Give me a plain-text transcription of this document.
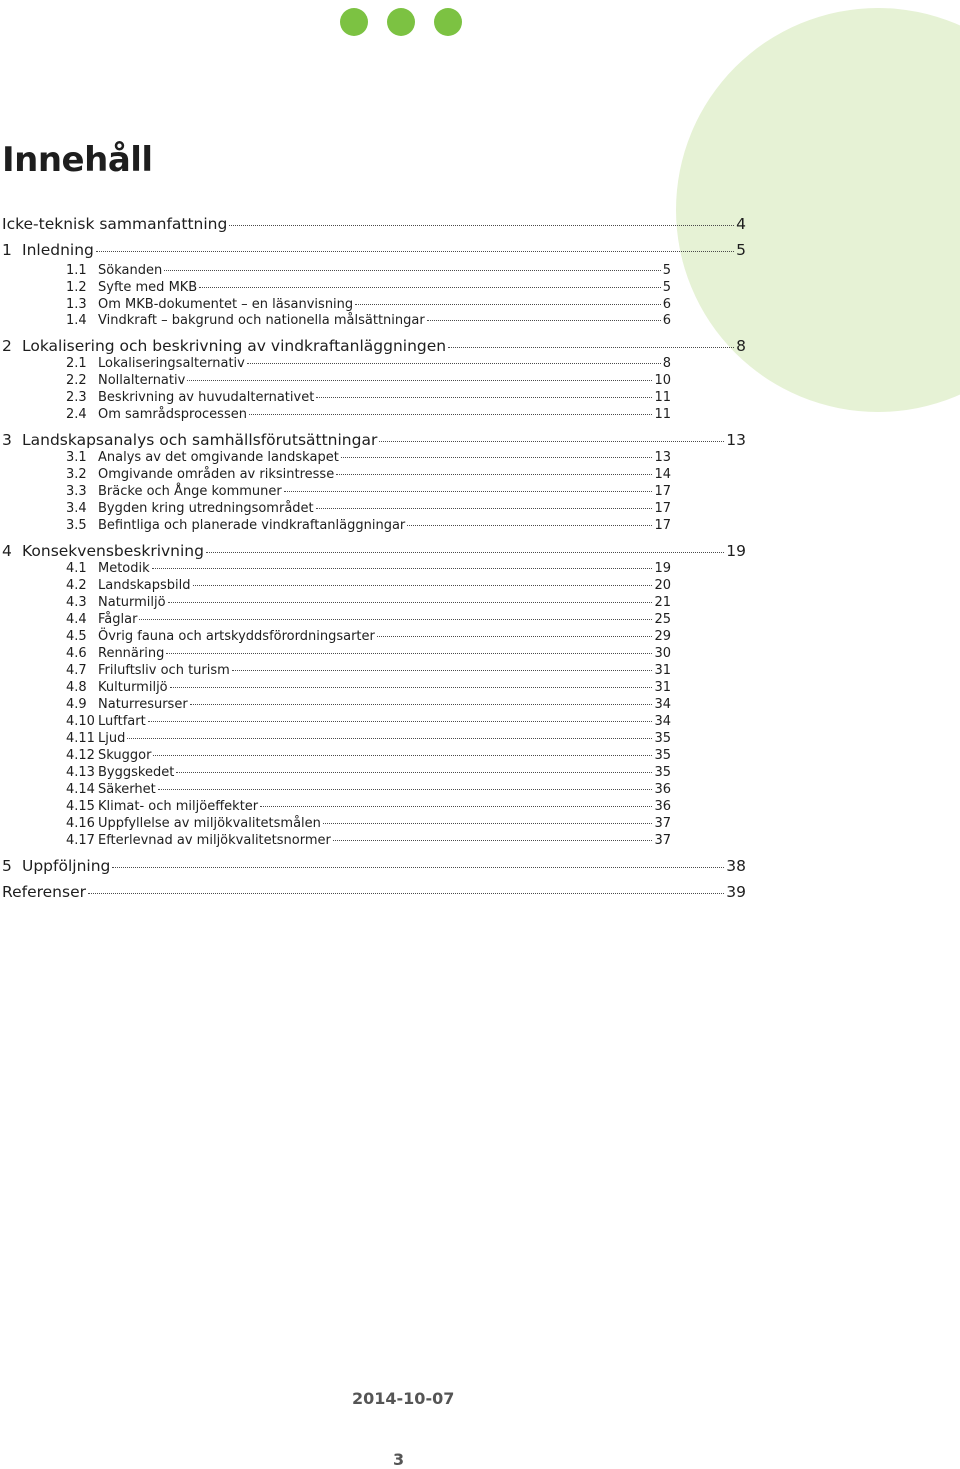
Innehåll
Icke-teknisk sammanfattning	4
1 Inledning	5
1.1 Sökanden	5
1.2 Syfte med MKB	5
1.3 Om MKB-dokumentet – en läsanvisning	6
1.4 Vindkraft – bakgrund och nationella målsättningar	6
2 Lokalisering och beskrivning av vindkraftanläggningen	8
2.1 Lokaliseringsalternativ	8
2.2 Nollalternativ	10
2.3 Beskrivning av huvudalternativet	11
2.4 Om samrådsprocessen	11
3 Landskapsanalys och samhällsförutsättningar	13
3.1 Analys av det omgivande landskapet	13
3.2 Omgivande områden av riksintresse	14
3.3 Bräcke och Ånge kommuner	17
3.4 Bygden kring utredningsområdet	17
3.5 Befintliga och planerade vindkraftanläggningar	17
4 Konsekvensbeskrivning	19
4.1 Metodik	19
4.2 Landskapsbild	20
4.3 Naturmiljö	21
4.4 Fåglar	25
4.5 Övrig fauna och artskyddsförordningsarter	29
4.6 Rennäring	30
4.7 Friluftsliv och turism	31
4.8 Kulturmiljö	31
4.9 Naturresurser	34
4.10 Luftfart	34
4.11 Ljud	35
4.12 Skuggor	35
4.13 Byggskedet	35
4.14 Säkerhet	36
4.15 Klimat- och miljöeffekter	36
4.16 Uppfyllelse av miljökvalitetsmålen	37
4.17 Efterlevnad av miljökvalitetsnormer	37
5 Uppföljning	38
Referenser	39
2014-10-07
3
